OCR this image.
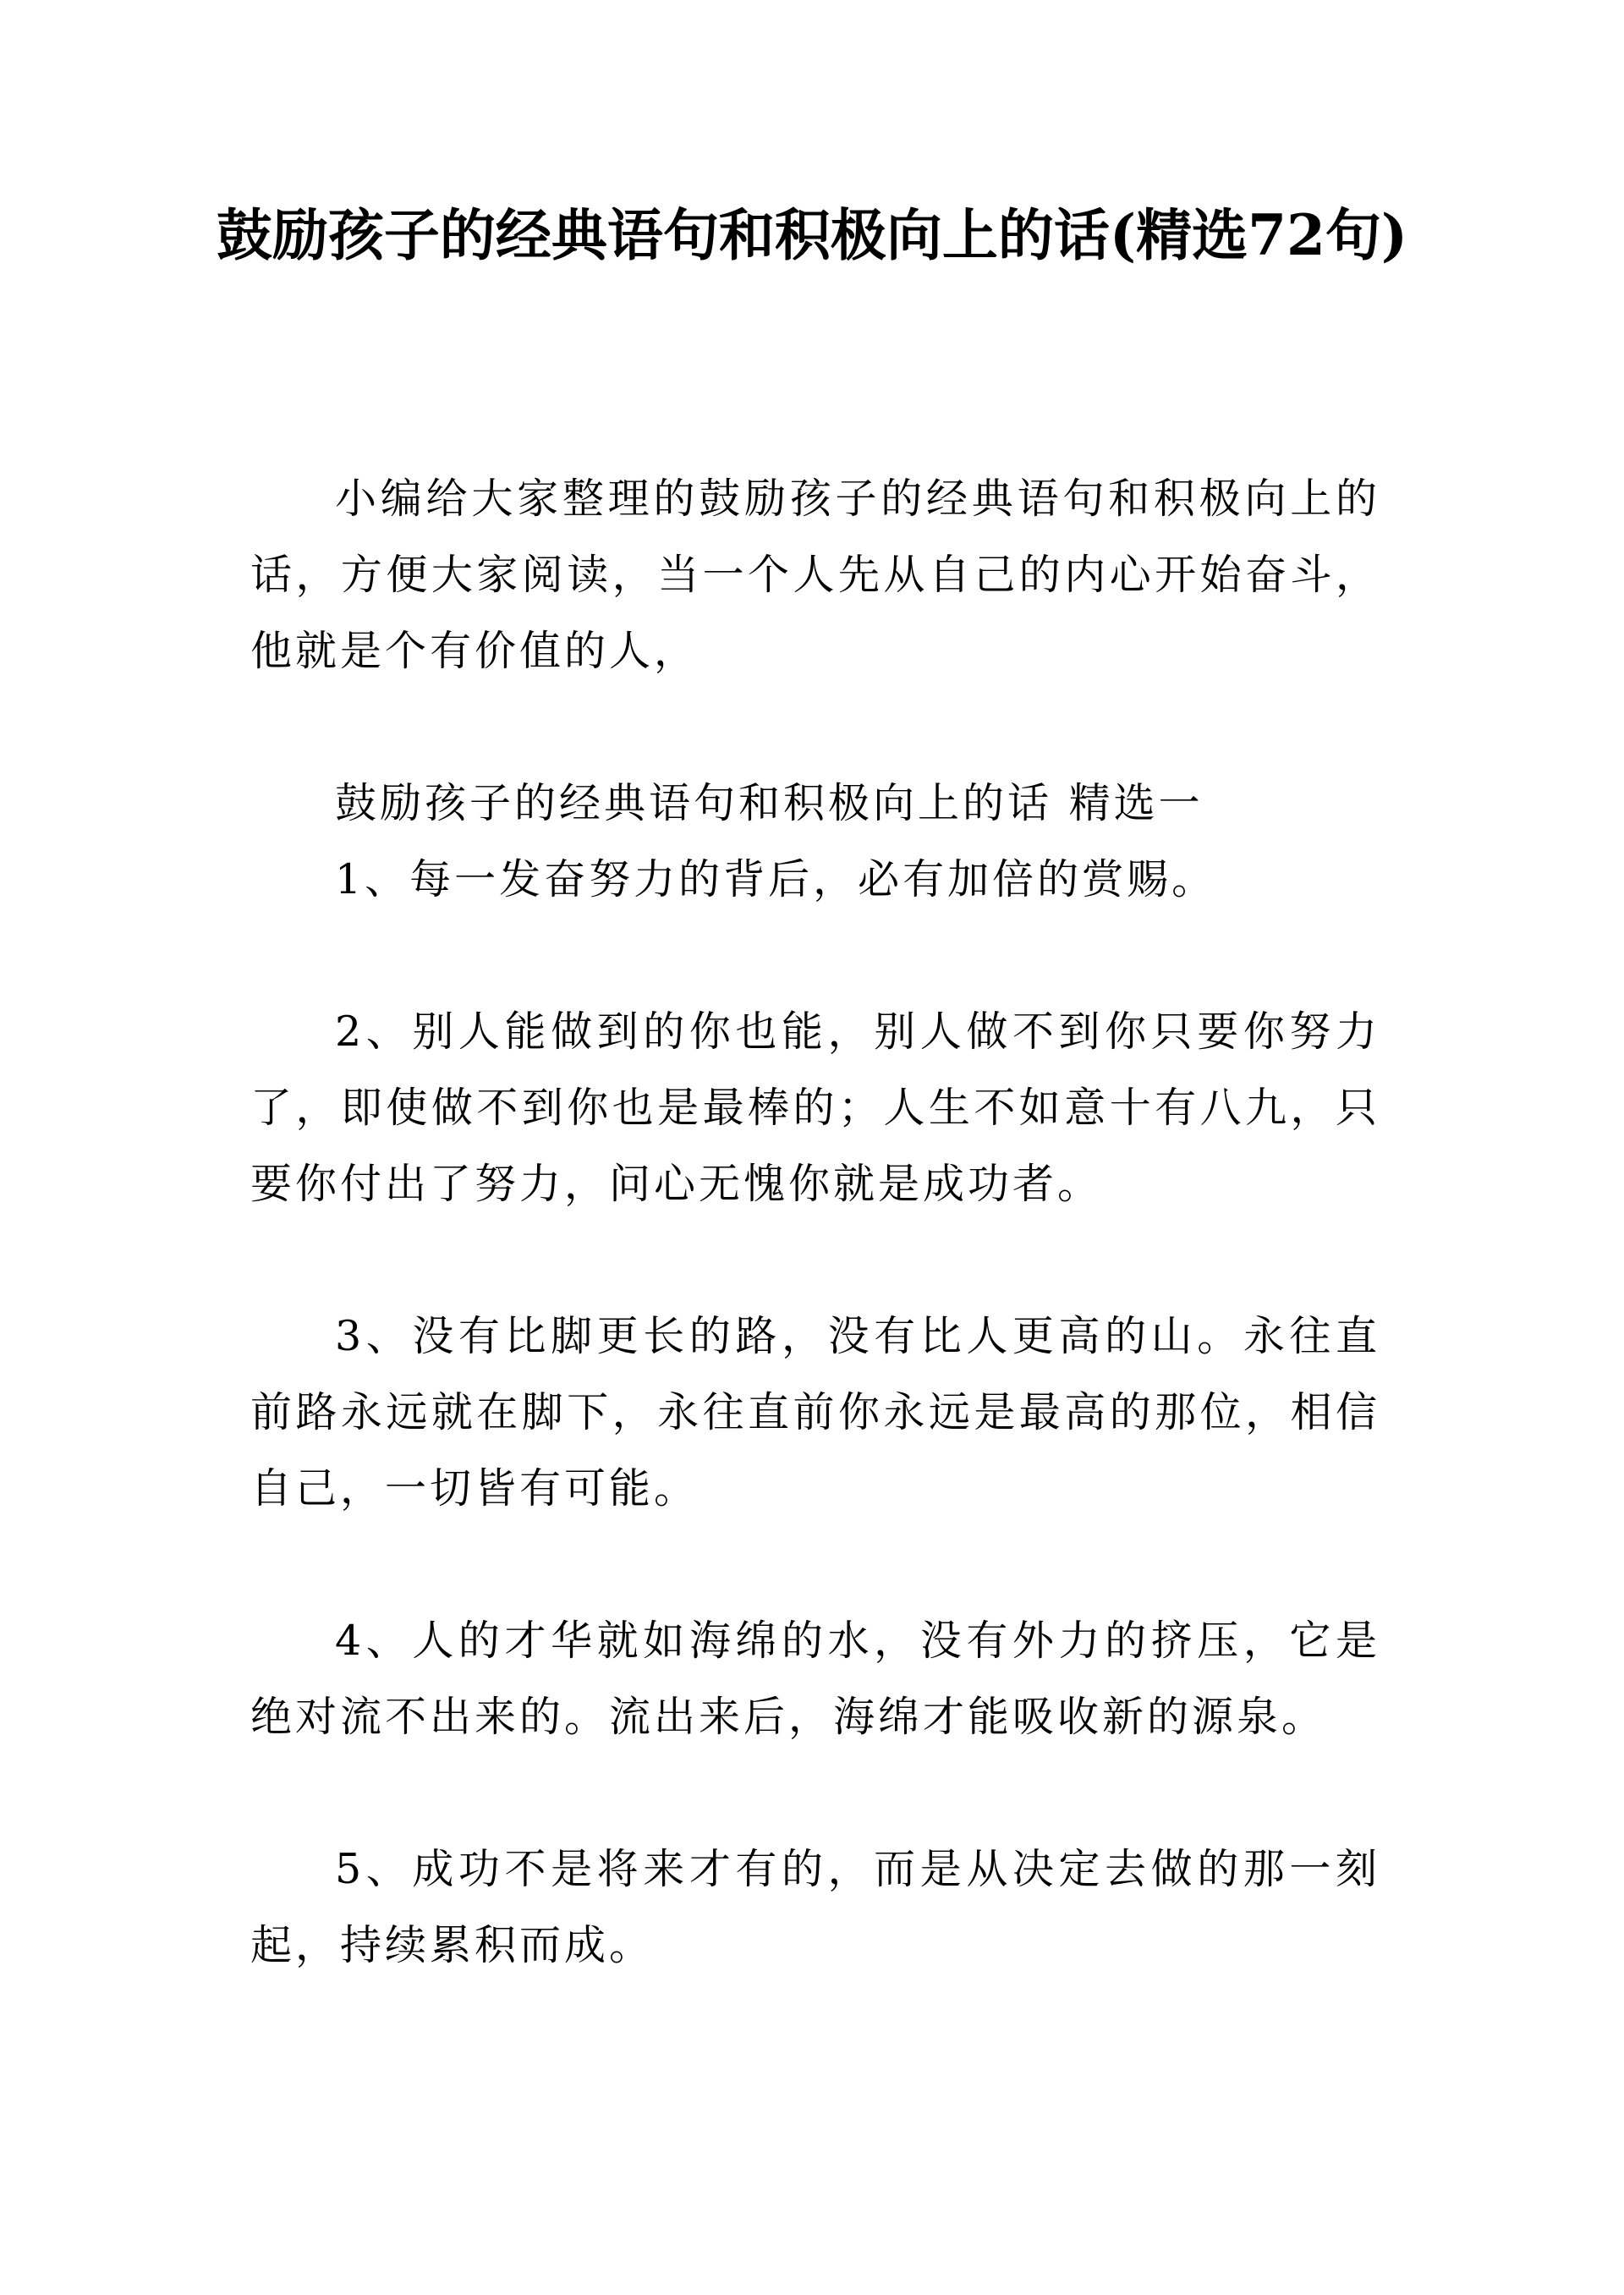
鼓励孩子的经典语句和积极向上的话(精选72句)

小编给大家整理的鼓励孩子的经典语句和积极向上的话，方便大家阅读，当一个人先从自己的内心开始奋斗，他就是个有价值的人，

鼓励孩子的经典语句和积极向上的话 精选一

1、每一发奋努力的背后，必有加倍的赏赐。

2、别人能做到的你也能，别人做不到你只要你努力了，即使做不到你也是最棒的；人生不如意十有八九，只要你付出了努力，问心无愧你就是成功者。

3、没有比脚更长的路，没有比人更高的山。永往直前路永远就在脚下，永往直前你永远是最高的那位，相信自己，一切皆有可能。

4、人的才华就如海绵的水，没有外力的挤压，它是绝对流不出来的。流出来后，海绵才能吸收新的源泉。

5、成功不是将来才有的，而是从决定去做的那一刻起，持续累积而成。
